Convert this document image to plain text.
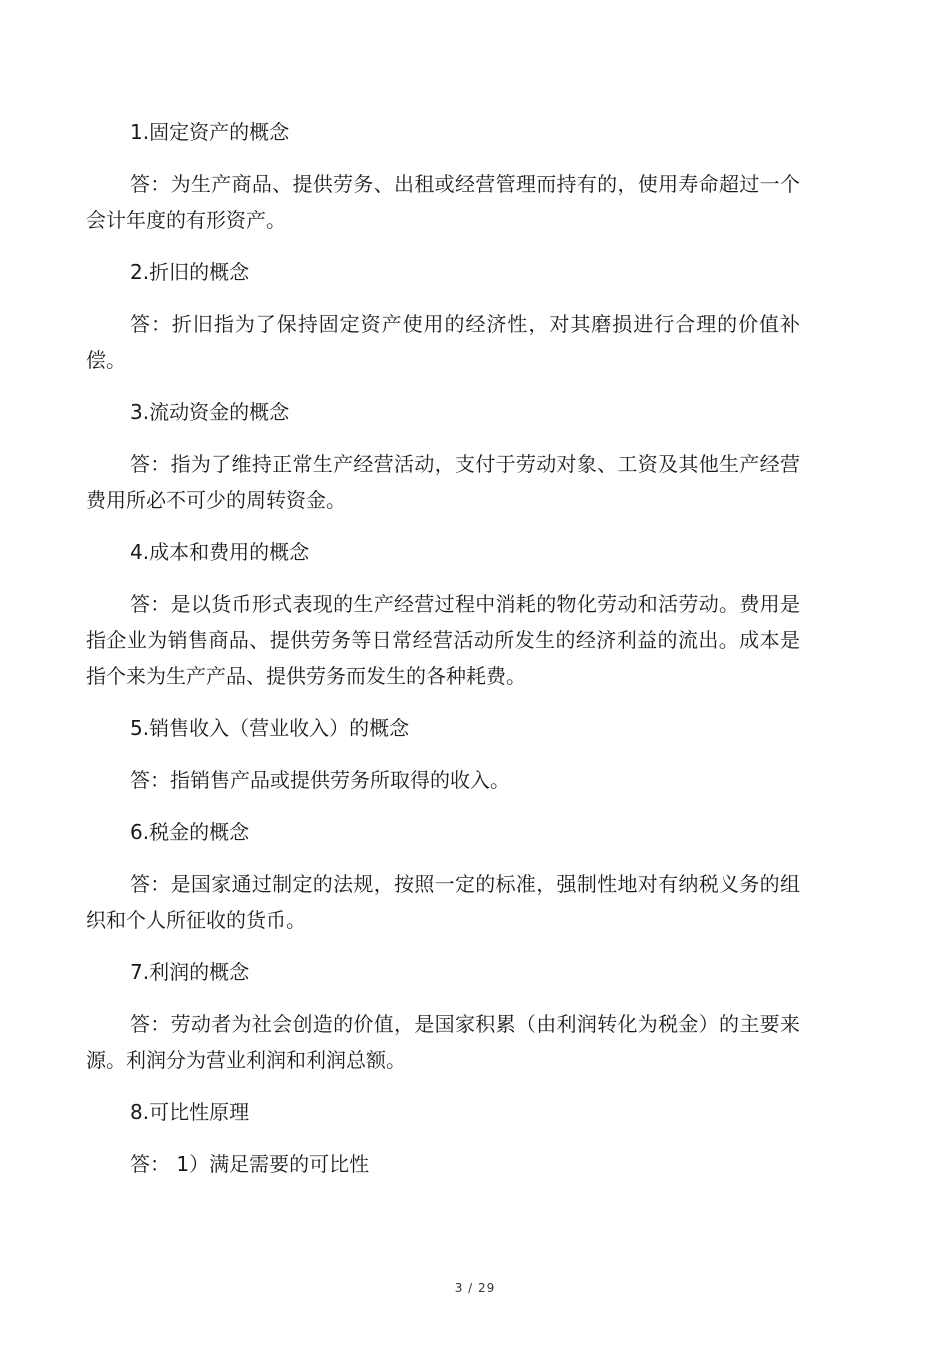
1.固定资产的概念

答：为生产商品、提供劳务、出租或经营管理而持有的，使用寿命超过一个会计年度的有形资产。

2.折旧的概念

答：折旧指为了保持固定资产使用的经济性，对其磨损进行合理的价值补偿。

3.流动资金的概念

答：指为了维持正常生产经营活动，支付于劳动对象、工资及其他生产经营费用所必不可少的周转资金。

4.成本和费用的概念

答：是以货币形式表现的生产经营过程中消耗的物化劳动和活劳动。费用是指企业为销售商品、提供劳务等日常经营活动所发生的经济利益的流出。成本是指个来为生产产品、提供劳务而发生的各种耗费。

5.销售收入（营业收入）的概念

答：指销售产品或提供劳务所取得的收入。

6.税金的概念

答：是国家通过制定的法规，按照一定的标准，强制性地对有纳税义务的组织和个人所征收的货币。

7.利润的概念

答：劳动者为社会创造的价值，是国家积累（由利润转化为税金）的主要来源。利润分为营业利润和利润总额。

8.可比性原理

答： 1）满足需要的可比性

3 / 29
